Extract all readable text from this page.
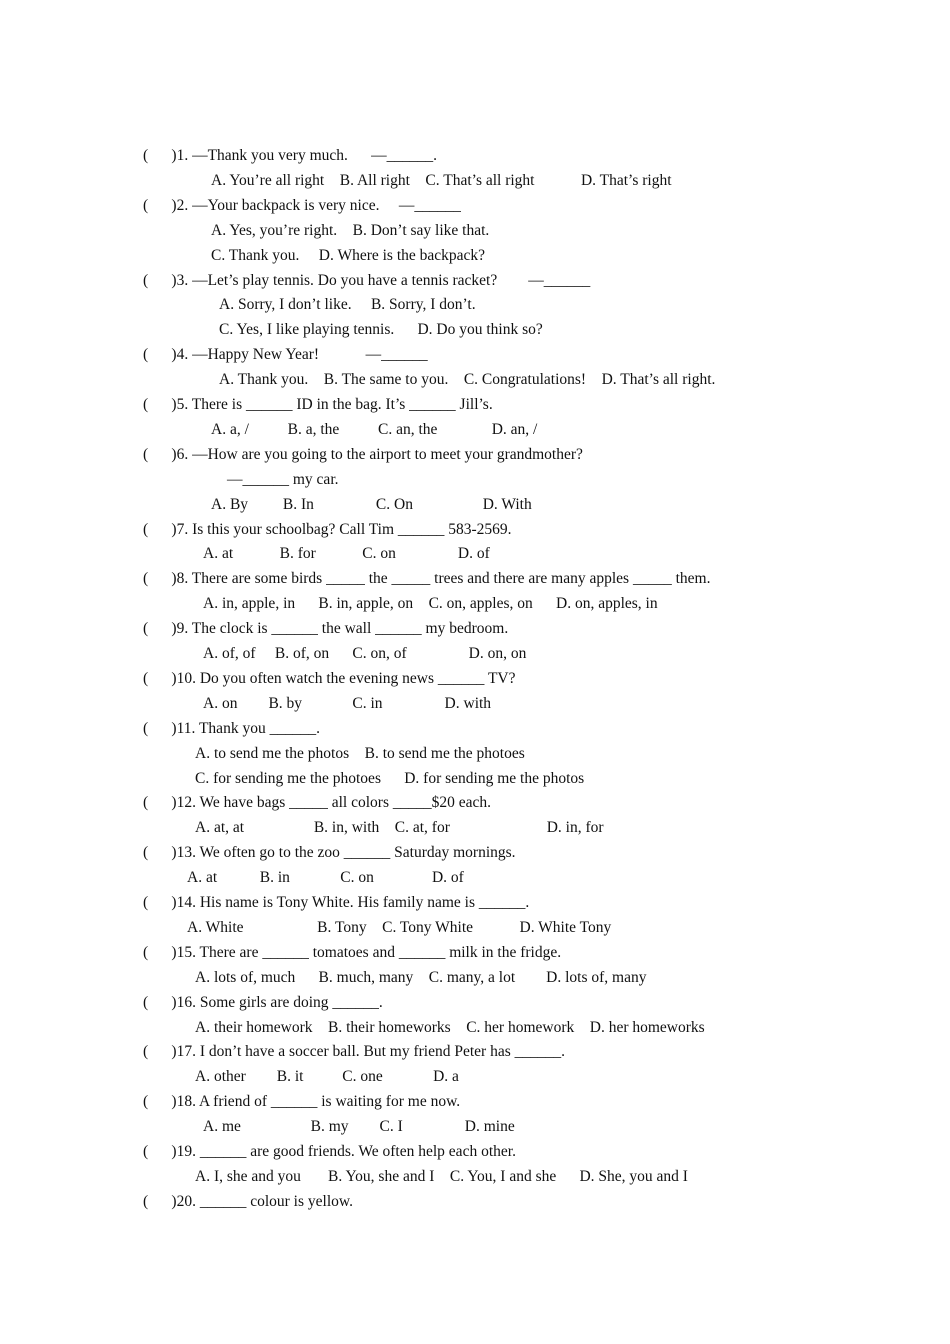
(      )1. —Thank you very much.      —______.
A. You’re all right    B. All right    C. That’s all right            D. That’s right
(      )2. —Your backpack is very nice.     —______
A. Yes, you’re right.    B. Don’t say like that.
C. Thank you.     D. Where is the backpack?
(      )3. —Let’s play tennis. Do you have a tennis racket?        —______
A. Sorry, I don’t like.     B. Sorry, I don’t.
C. Yes, I like playing tennis.      D. Do you think so?
(      )4. —Happy New Year!            —______
A. Thank you.    B. The same to you.    C. Congratulations!    D. That’s all right.
(      )5. There is ______ ID in the bag. It’s ______ Jill’s.
A. a, /          B. a, the          C. an, the              D. an, /
(      )6. —How are you going to the airport to meet your grandmother?
—______ my car.
A. By         B. In                C. On                  D. With
(      )7. Is this your schoolbag? Call Tim ______ 583-2569.
A. at            B. for            C. on                D. of
(      )8. There are some birds _____ the _____ trees and there are many apples _____ them.
A. in, apple, in      B. in, apple, on    C. on, apples, on      D. on, apples, in
(      )9. The clock is ______ the wall ______ my bedroom.
A. of, of     B. of, on      C. on, of                D. on, on
(      )10. Do you often watch the evening news ______ TV?
A. on        B. by             C. in                D. with
(      )11. Thank you ______.
A. to send me the photos    B. to send me the photoes
C. for sending me the photoes      D. for sending me the photos
(      )12. We have bags _____ all colors _____$20 each.
A. at, at                  B. in, with    C. at, for                         D. in, for
(      )13. We often go to the zoo ______ Saturday mornings.
A. at           B. in             C. on               D. of
(      )14. His name is Tony White. His family name is ______.
A. White                   B. Tony    C. Tony White            D. White Tony
(      )15. There are ______ tomatoes and ______ milk in the fridge.
A. lots of, much      B. much, many    C. many, a lot        D. lots of, many
(      )16. Some girls are doing ______.
A. their homework    B. their homeworks    C. her homework    D. her homeworks
(      )17. I don’t have a soccer ball. But my friend Peter has ______.
A. other        B. it          C. one             D. a
(      )18. A friend of ______ is waiting for me now.
A. me                  B. my        C. I                D. mine
(      )19. ______ are good friends. We often help each other.
A. I, she and you       B. You, she and I    C. You, I and she      D. She, you and I
(      )20. ______ colour is yellow.
